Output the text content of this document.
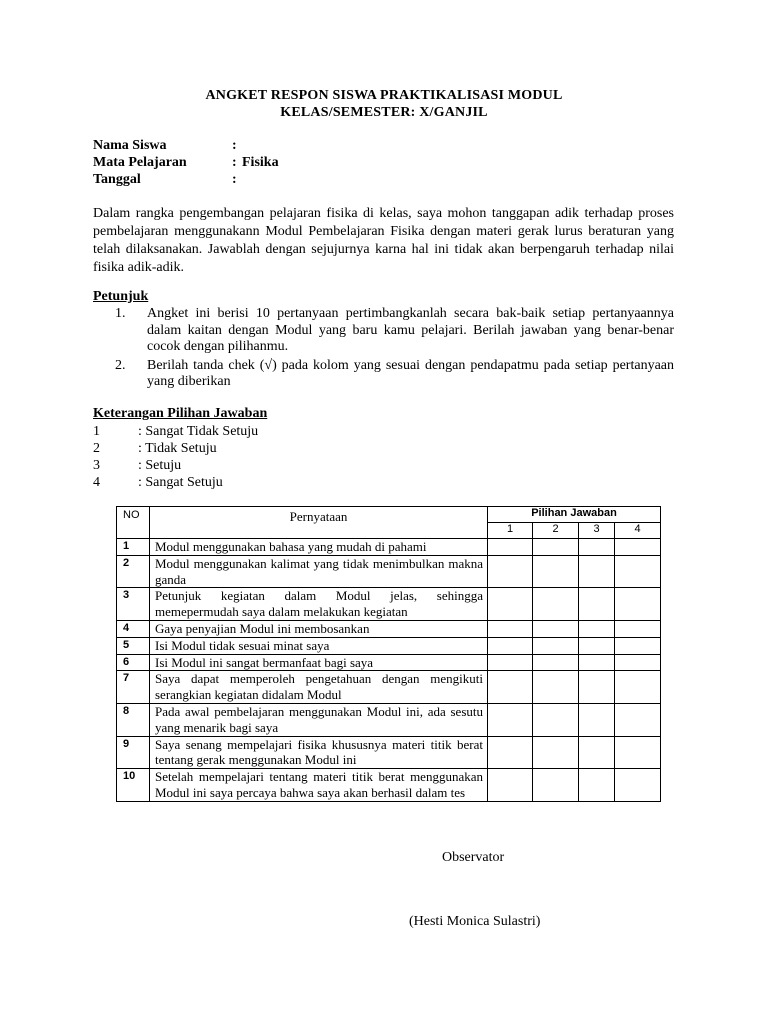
ANGKET RESPON SISWA PRAKTIKALISASI MODUL
KELAS/SEMESTER: X/GANJIL
Nama Siswa	:
Mata Pelajaran	: Fisika
Tanggal	:
Dalam rangka pengembangan pelajaran fisika di kelas, saya mohon tanggapan adik terhadap proses pembelajaran menggunakann Modul Pembelajaran Fisika dengan materi gerak lurus beraturan yang telah dilaksanakan. Jawablah dengan sejujurnya karna hal ini tidak akan berpengaruh terhadap nilai fisika adik-adik.
Petunjuk
1. Angket ini berisi 10 pertanyaan pertimbangkanlah secara bak-baik setiap pertanyaannya dalam kaitan dengan Modul yang baru kamu pelajari. Berilah jawaban yang benar-benar cocok dengan pilihanmu.
2. Berilah tanda chek (√) pada kolom yang sesuai dengan pendapatmu pada setiap pertanyaan yang diberikan
Keterangan Pilihan Jawaban
1	: Sangat Tidak Setuju
2	: Tidak Setuju
3	: Setuju
4	: Sangat Setuju
NO	Pernyataan	Pilihan Jawaban			
		1	2	3	4
1	Modul menggunakan bahasa yang mudah di pahami				
2	Modul menggunakan kalimat yang tidak menimbulkan makna ganda				
3	Petunjuk kegiatan dalam Modul jelas, sehingga memepermudah saya dalam melakukan kegiatan				
4	Gaya penyajian Modul ini membosankan				
5	Isi Modul tidak sesuai minat saya				
6	Isi Modul ini sangat bermanfaat bagi saya				
7	Saya dapat memperoleh pengetahuan dengan mengikuti serangkian kegiatan didalam Modul				
8	Pada awal pembelajaran menggunakan Modul ini, ada sesutu yang menarik bagi saya				
9	Saya senang mempelajari fisika khususnya materi titik berat tentang gerak menggunakan Modul ini				
10	Setelah mempelajari tentang materi titik berat menggunakan Modul ini saya percaya bahwa saya akan berhasil dalam tes				
Observator
(Hesti Monica Sulastri)
